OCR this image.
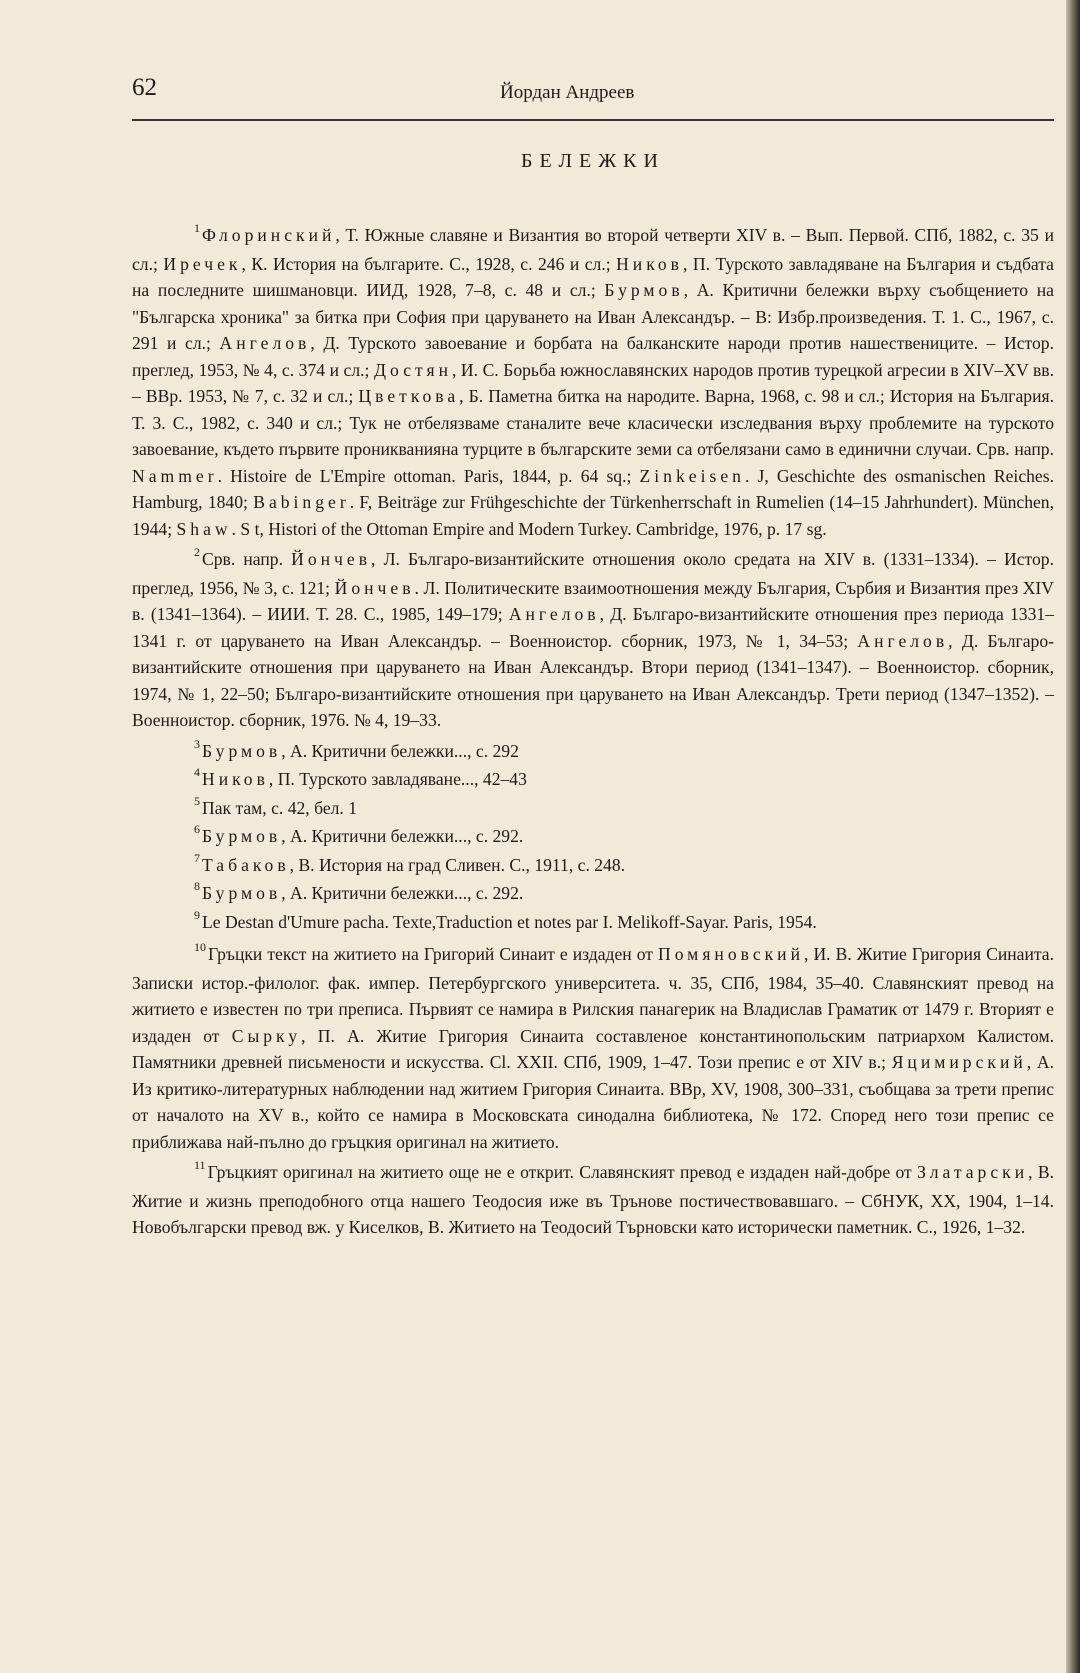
62	Йордан Андреев
БЕЛЕЖКИ

$^1$ Флоринский, Т. Южные славяне и Византия во второй четверти XIV в. – Вып. Первой. СПб, 1882, с. 35 и сл.; Иречек, К. История на българите. С., 1928, с. 246 и сл.; Ников, П. Турското завладяване на България и съдбата на последните шишмановци. ИИД, 1928, 7–8, с. 48 и сл.; Бурмов, А. Критични бележки върху съобщението на "Българска хроника" за битка при София при царуването на Иван Александър. – В: Избр.произведения. Т. 1. С., 1967, с. 291 и сл.; Ангелов, Д. Турското завоевание и борбата на балканските народи против нашествениците. – Истор. преглед, 1953, № 4, с. 374 и сл.; Достян, И. С. Борьба южнославянских народов против турецкой агресии в XIV–XV вв. – ВВр. 1953, № 7, с. 32 и сл.; Цветкова, Б. Паметна битка на народите. Варна, 1968, с. 98 и сл.; История на България. Т. 3. С., 1982, с. 340 и сл.; Тук не отбелязваме станалите вече класически изследвания върху проблемите на турското завоевание, където първите проникванияна турците в българските земи са отбелязани само в единични случаи. Срв. напр. Nammer. Histoire de L'Empire ottoman. Paris, 1844, p. 64 sq.; Zinkeisen. J, Geschichte des osmanischen Reiches. Hamburg, 1840; Babinger. F, Beiträge zur Frühgeschichte der Türkenherrschaft in Rumelien (14–15 Jahrhundert). München, 1944; Shaw. S t, Histori of the Ottoman Empire and Modern Turkey. Cambridge, 1976, p. 17 sg.

$^2$ Срв. напр. Йончев, Л. Българо-византийските отношения около средата на XIV в. (1331–1334). – Истор. преглед, 1956, № 3, с. 121; Йончев. Л. Политическите взаимоотношения между България, Сърбия и Византия през XIV в. (1341–1364). – ИИИ. Т. 28. С., 1985, 149–179; Ангелов, Д. Българо-византийските отношения през периода 1331–1341 г. от царуването на Иван Александър. – Военноистор. сборник, 1973, № 1, 34–53; Ангелов, Д. Българо-византийските отношения при царуването на Иван Александър. Втори период (1341–1347). – Военноистор. сборник, 1974, № 1, 22–50; Българо-византийските отношения при царуването на Иван Александър. Трети период (1347–1352). – Военноистор. сборник, 1976. № 4, 19–33.

$^3$ Бурмов, А. Критични бележки..., с. 292

$^4$ Ников, П. Турското завладяване..., 42–43

$^5$ Пак там, с. 42, бел. 1

$^6$ Бурмов, А. Критични бележки..., с. 292.

$^7$ Табаков, В. История на град Сливен. С., 1911, с. 248.

$^8$ Бурмов, А. Критични бележки..., с. 292.

$^9$ Le Destan d'Umure pacha. Texte,Traduction et notes par I. Melikoff-Sayar. Paris, 1954.

$^{10}$ Гръцки текст на житието на Григорий Синаит е издаден от Помяновский, И. В. Житие Григория Синаита. Записки истор.-филолог. фак. импер. Петербургского университета. ч. 35, СПб, 1984, 35–40. Славянският превод на житието е известен по три преписа. Първият се намира в Рилския панагерик на Владислав Граматик от 1479 г. Вторият е издаден от Сырку, П. А. Житие Григория Синаита составленое константинопольским патриархом Калистом. Памятники древней письмености и искусства. Сl. XXII. СПб, 1909, 1–47. Този препис е от XIV в.; Яцимирский, А. Из критико-литературных наблюдении над житием Григория Синаита. ВВр, XV, 1908, 300–331, съобщава за трети препис от началото на XV в., който се намира в Московската синодална библиотека, № 172. Според него този препис се приближава най-пълно до гръцкия оригинал на житието.

$^{11}$ Гръцкият оригинал на житието още не е открит. Славянският превод е издаден най-добре от Златарски, В. Житие и жизнь преподобного отца нашего Теодосия иже въ Трънове постичествовавшаго. – СбНУК, XX, 1904, 1–14. Новобългарски превод вж. у Киселков, В. Житието на Теодосий Търновски като исторически паметник. С., 1926, 1–32.
